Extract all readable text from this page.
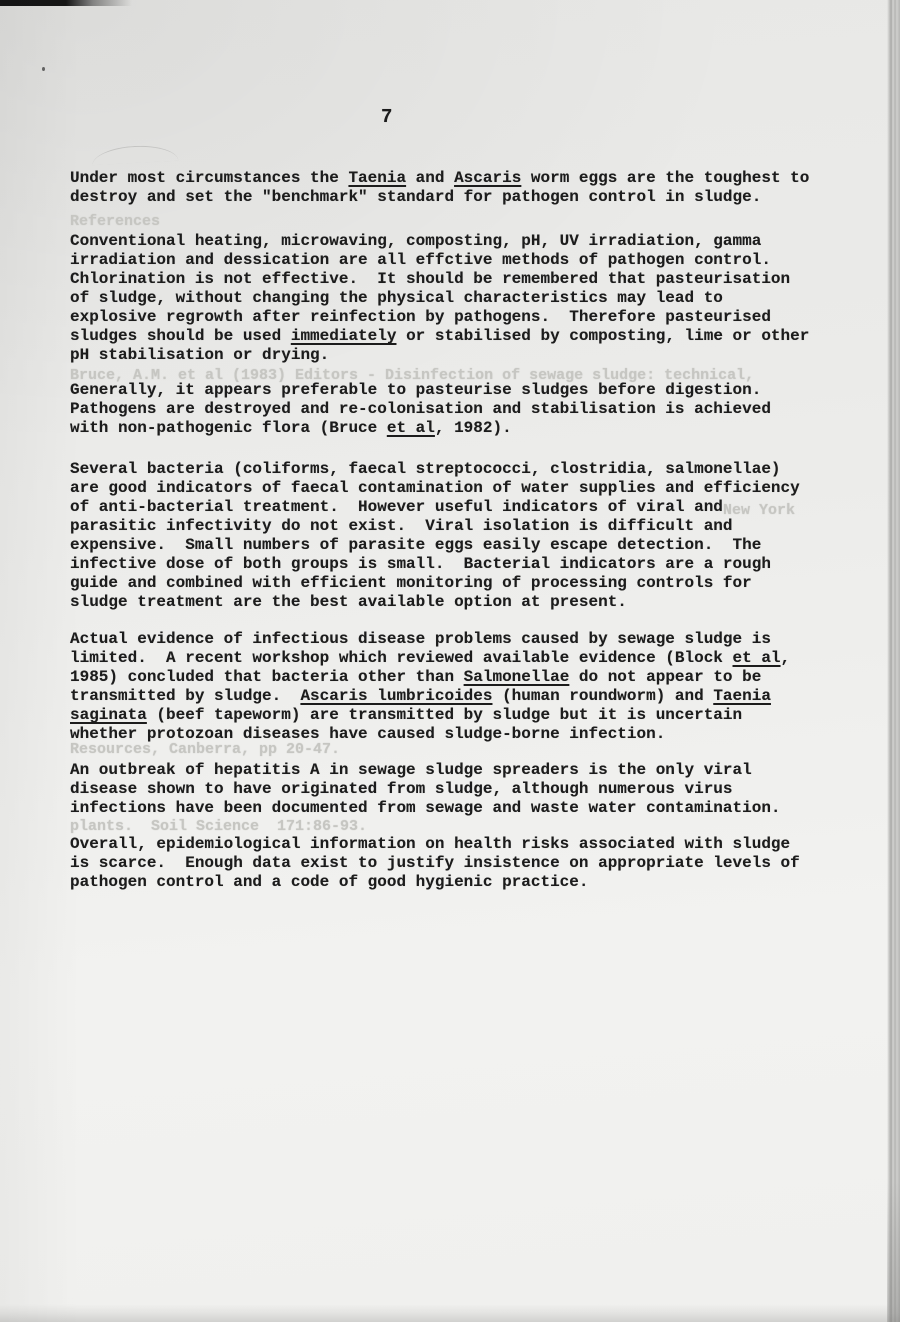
7
Under most circumstances the Taenia and Ascaris worm eggs are the toughest to
destroy and set the "benchmark" standard for pathogen control in sludge.
Conventional heating, microwaving, composting, pH, UV irradiation, gamma
irradiation and dessication are all effctive methods of pathogen control.
Chlorination is not effective.  It should be remembered that pasteurisation
of sludge, without changing the physical characteristics may lead to
explosive regrowth after reinfection by pathogens.  Therefore pasteurised
sludges should be used immediately or stabilised by composting, lime or other
pH stabilisation or drying.
Generally, it appears preferable to pasteurise sludges before digestion.
Pathogens are destroyed and re-colonisation and stabilisation is achieved
with non-pathogenic flora (Bruce et al, 1982).
Several bacteria (coliforms, faecal streptococci, clostridia, salmonellae)
are good indicators of faecal contamination of water supplies and efficiency
of anti-bacterial treatment.  However useful indicators of viral and
parasitic infectivity do not exist.  Viral isolation is difficult and
expensive.  Small numbers of parasite eggs easily escape detection.  The
infective dose of both groups is small.  Bacterial indicators are a rough
guide and combined with efficient monitoring of processing controls for
sludge treatment are the best available option at present.
Actual evidence of infectious disease problems caused by sewage sludge is
limited.  A recent workshop which reviewed available evidence (Block et al,
1985) concluded that bacteria other than Salmonellae do not appear to be
transmitted by sludge.  Ascaris lumbricoides (human roundworm) and Taenia
saginata (beef tapeworm) are transmitted by sludge but it is uncertain
whether protozoan diseases have caused sludge-borne infection.
An outbreak of hepatitis A in sewage sludge spreaders is the only viral
disease shown to have originated from sludge, although numerous virus
infections have been documented from sewage and waste water contamination.
Overall, epidemiological information on health risks associated with sludge
is scarce.  Enough data exist to justify insistence on appropriate levels of
pathogen control and a code of good hygienic practice.
References
Bruce, A.M. et al (1983) Editors - Disinfection of sewage sludge: technical,
New York
Resources, Canberra, pp 20-47.
plants.  Soil Science  171:86-93.
